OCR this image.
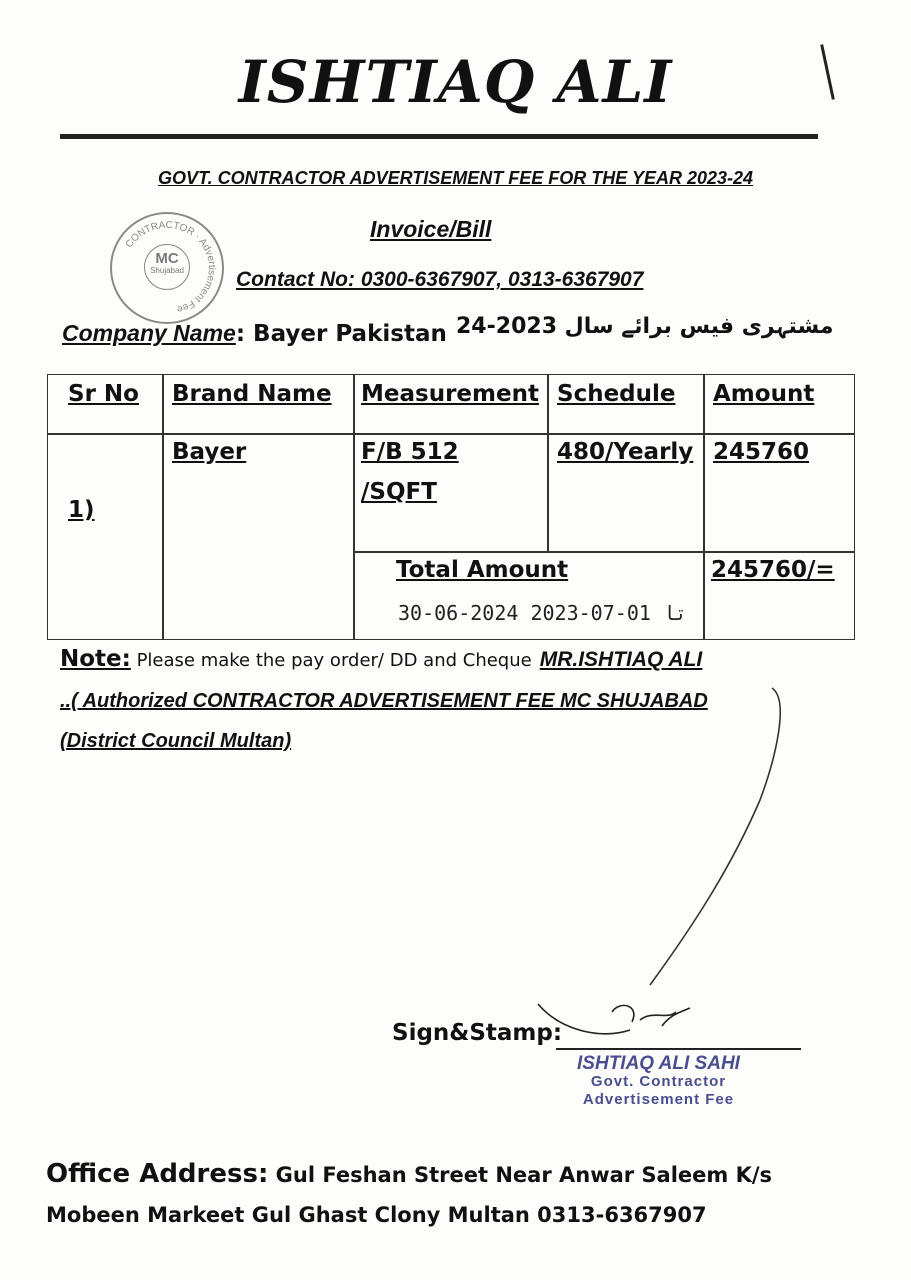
ISHTIAQ ALI
GOVT. CONTRACTOR ADVERTISEMENT FEE FOR THE YEAR 2023-24
CONTRACTOR · Advertisement Fee
MC
Shujabad
Invoice/Bill
Contact No: 0300-6367907, 0313-6367907
Company Name: Bayer Pakistan مشتہری فیس برائے سال 2023-24
Sr No Brand Name Measurement Schedule Amount
1)
Bayer	F/B 512
/SQFT
480/Yearly 245760
Total Amount	245760/=
30-06-2024 تا 01-07-2023
Note: Please make the pay order/ DD and Cheque MR.ISHTIAQ ALI
..( Authorized CONTRACTOR ADVERTISEMENT FEE MC SHUJABAD
(District Council Multan)
Sign&Stamp:
ISHTIAQ ALI SAHI
Govt. Contractor
Advertisement Fee
Office Address: Gul Feshan Street Near Anwar Saleem K/s
Mobeen Markeet Gul Ghast Clony Multan 0313-6367907
